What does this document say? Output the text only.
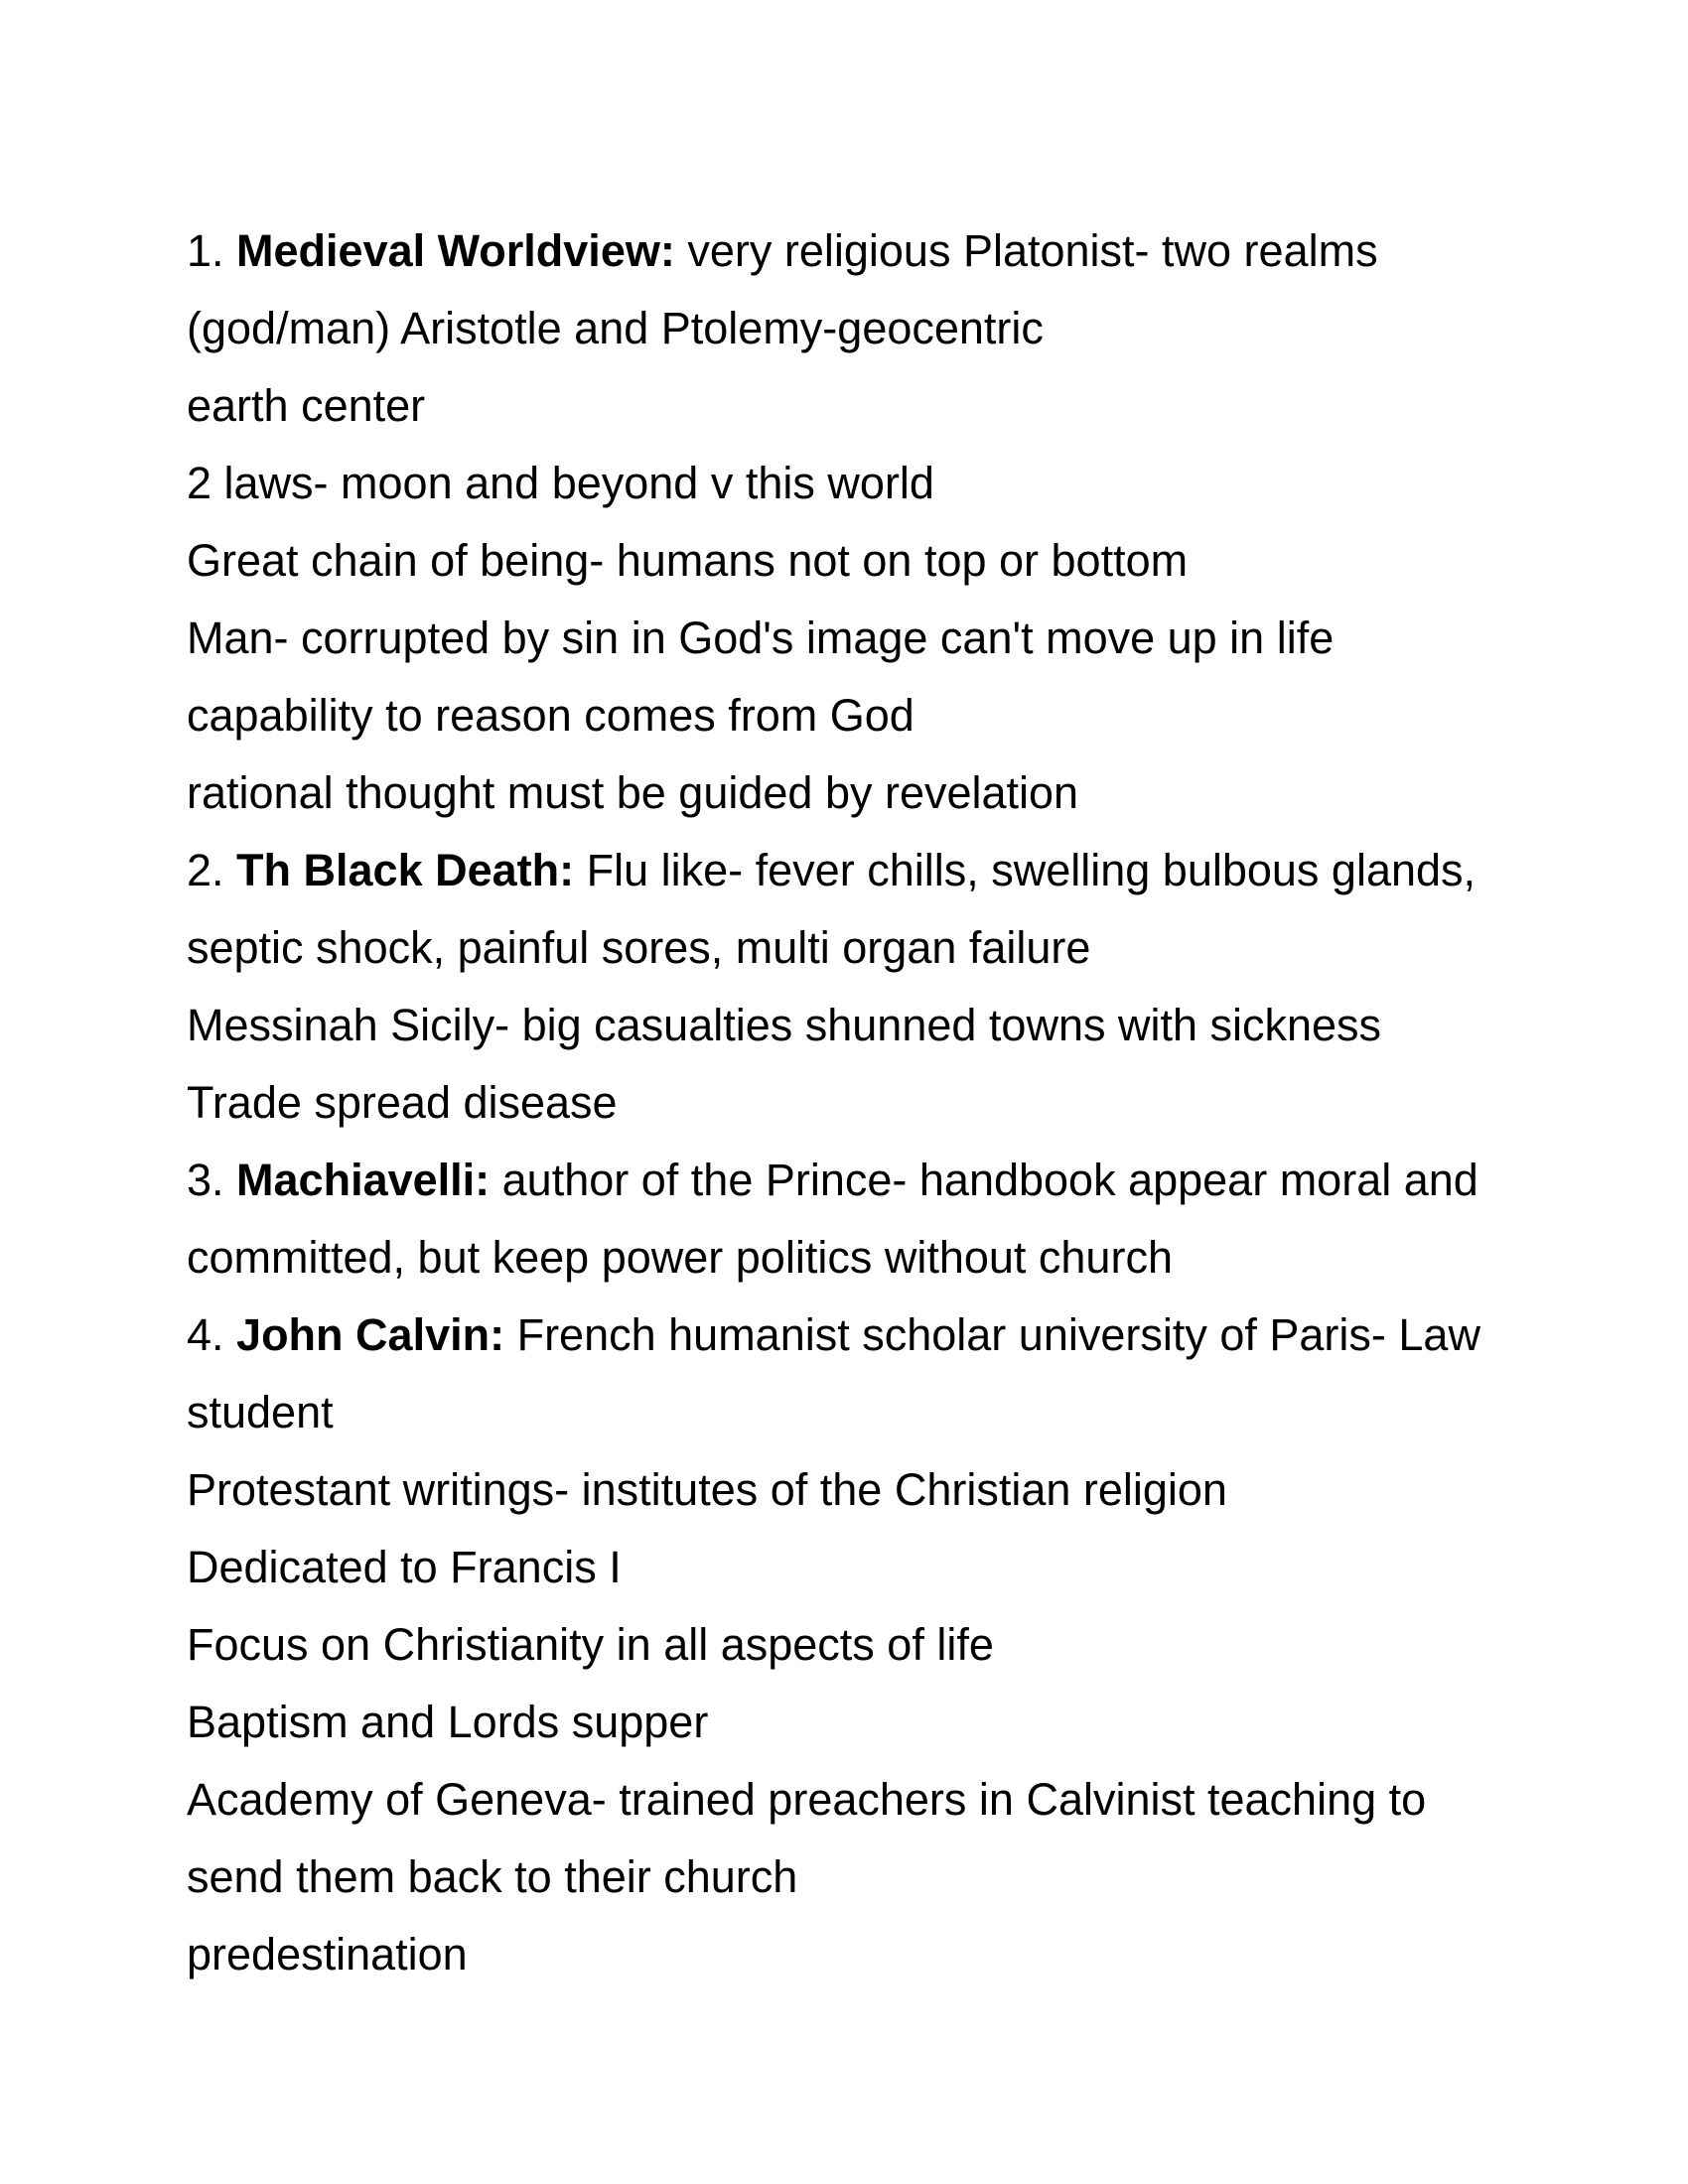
1. Medieval Worldview: very religious Platonist- two realms
(god/man) Aristotle and Ptolemy-geocentric
earth center
2 laws- moon and beyond v this world
Great chain of being- humans not on top or bottom
Man- corrupted by sin in God's image can't move up in life
capability to reason comes from God
rational thought must be guided by revelation
2. Th Black Death: Flu like- fever chills, swelling bulbous glands,
septic shock, painful sores, multi organ failure
Messinah Sicily- big casualties shunned towns with sickness
Trade spread disease
3. Machiavelli: author of the Prince- handbook appear moral and
committed, but keep power politics without church
4. John Calvin: French humanist scholar university of Paris- Law
student
Protestant writings- institutes of the Christian religion
Dedicated to Francis I
Focus on Christianity in all aspects of life
Baptism and Lords supper
Academy of Geneva- trained preachers in Calvinist teaching to
send them back to their church
predestination
